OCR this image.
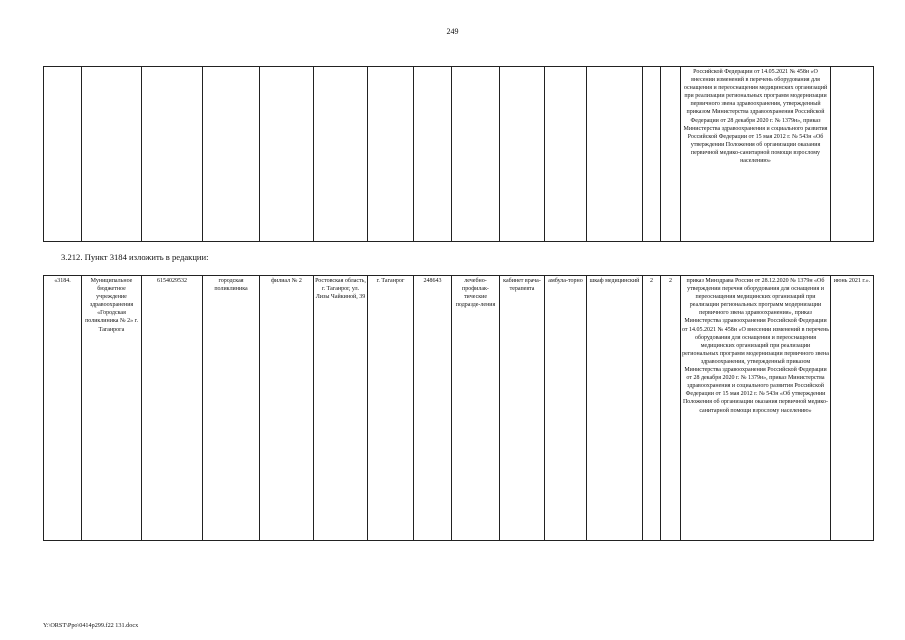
249
														Российской Федерации от 14.05.2021 № 458н «О внесении изменений в перечень оборудования для оснащения и переоснащения медицинских организаций при реализации региональных программ модернизации первичного звена здравоохранения, утвержденный приказом Министерства здравоохранения Российской Федерации от 28 декабря 2020 г. № 1379н», приказ Министерства здравоохранения и социального развития Российской Федерации от 15 мая 2012 г. № 543н «Об утверждении Положения об организации оказания первичной медико-санитарной помощи взрослому населению»	
3.212. Пункт 3184 изложить в редакции:
«3184.	Муниципальное бюджетное учреждение здравоохранения «Городская поликлиника № 2» г. Таганрога	6154029532	городская поликлиника	филиал № 2	Ростовская область, г. Таганрог, ул. Лизы Чайкиной, 39	г. Таганрог	248643	лечебно-профилак-тические подразде-ления	кабинет врача-терапевта	амбула-торно	шкаф медицинский	2	2	приказ Минздрава России от 28.12.2020 № 1379н «Об утверждении перечня оборудования для оснащения и переоснащения медицинских организаций при реализации региональных программ модернизации первичного звена здравоохранения», приказ Министерства здравоохранения Российской Федерации от 14.05.2021 № 458н «О внесении изменений в перечень оборудования для оснащения и переоснащения медицинских организаций при реализации региональных программ модернизации первичного звена здравоохранения, утвержденный приказом Министерства здравоохранения Российской Федерации от 28 декабря 2020 г. № 1379н», приказ Министерства здравоохранения и социального развития Российской Федерации от 15 мая 2012 г. № 543н «Об утверждении Положения об организации оказания первичной медико-санитарной помощи взрослому населению»	июнь 2021 г.».
Y:\ORST\Ppo\0414p299.f22 131.docx
